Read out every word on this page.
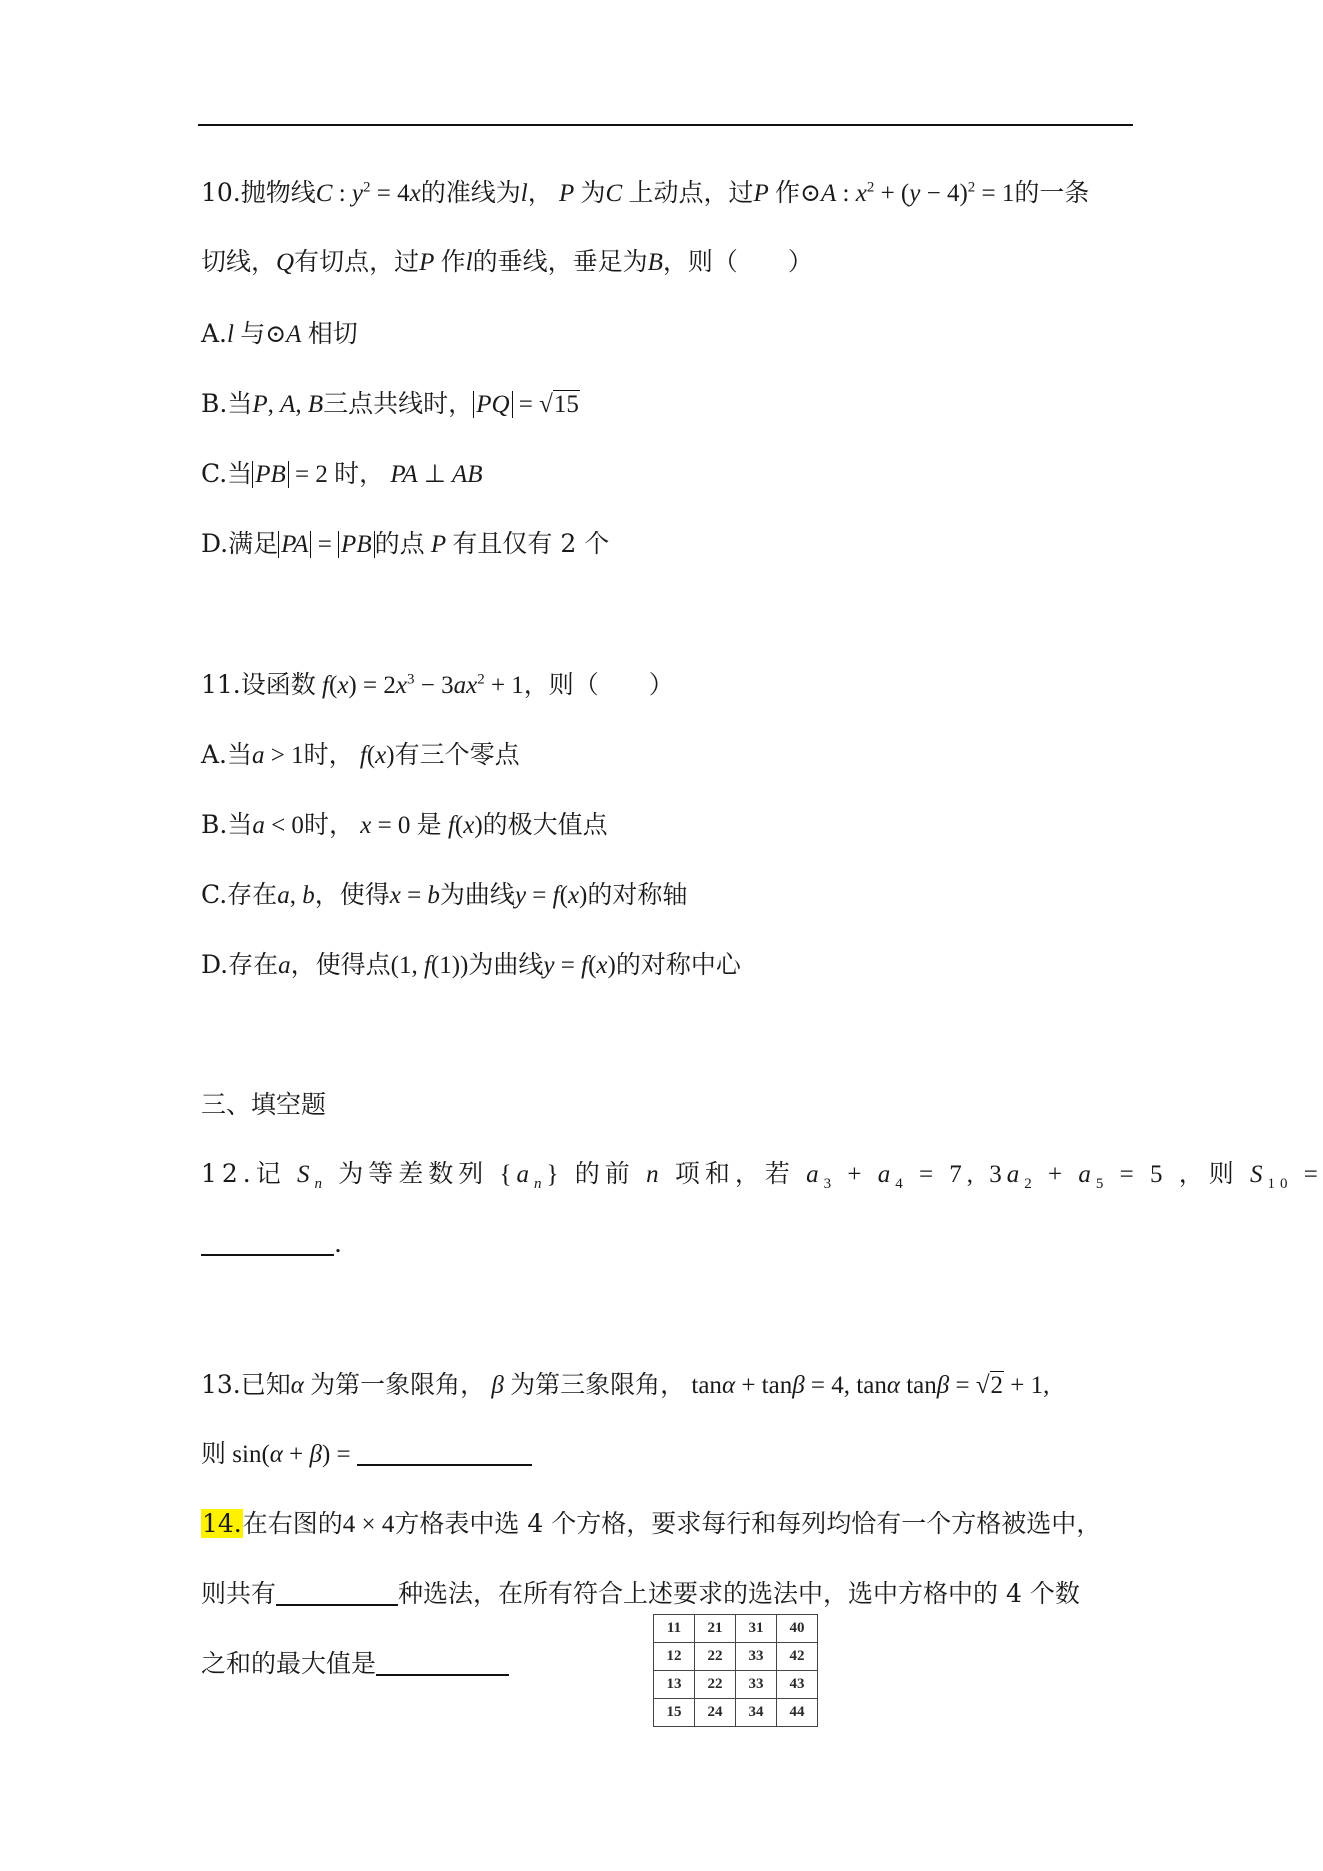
10.抛物线C : $y^2 = 4x$的准线为l， P 为C 上动点，过P 作⊙A : $x^2 + (y - 4)^2 = 1$的一条
切线，Q有切点，过P 作l的垂线，垂足为B，则（　　）
A.l 与⊙A 相切
B.当P, A, B三点共线时， PQ = √15
C.当 PB = 2 时， PA ⊥ AB
D.满足 PA = PB 的点 P 有且仅有 2 个
11.设函数 $f(x) = 2x^3 - 3ax^2 + 1$，则（　　）
A.当a > 1时， f(x)有三个零点
B.当a < 0时， x = 0 是 f(x)的极大值点
C.存在a, b，使得x = b为曲线y = f(x)的对称轴
D.存在a，使得点(1, f(1))为曲线y = f(x)的对称中心
三、填空题
12.记 $S_n$ 为等差数列 $\{a_n\}$ 的前 n 项和，若 $a_3 + a_4 = 7$, $3a_2 + a_5 = 5$ ，则 $S_{10}$ =
.
13.已知α 为第一象限角， β 为第三象限角， tanα + tanβ = 4, tanα tanβ = √2 + 1,
则 sin(α + β) =
14.在右图的4 × 4方格表中选 4 个方格，要求每行和每列均恰有一个方格被选中，
则共有	种选法，在所有符合上述要求的选法中，选中方格中的 4 个数
之和的最大值是
11	21	31	40
12	22	33	42
13	22	33	43
15	24	34	44
